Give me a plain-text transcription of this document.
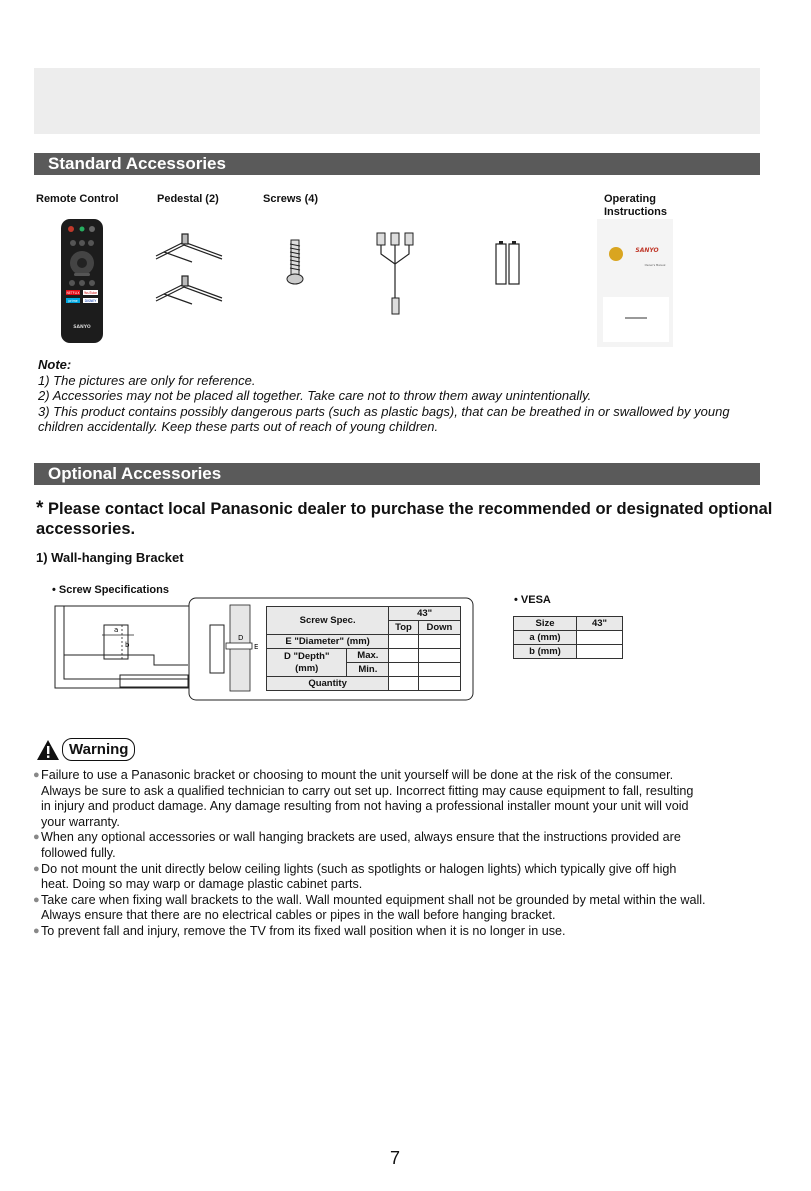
Standard Accessories
Remote Control	Pedestal (2)	Screws (4)	Operating
Instructions
NETFLIX YouTube
prime DISNEY
SANYO
SANYO
Owner's Manual
Note:
1) The pictures are only for reference.
2) Accessories may not be placed all together. Take care not to throw them away unintentionally.
3) This product contains possibly dangerous parts (such as plastic bags), that can be breathed in or swallowed by young children accidentally. Keep these parts out of reach of young children.
Optional Accessories
* Please contact local Panasonic dealer to purchase the recommended or designated optional accessories.
1) Wall-hanging Bracket
• Screw Specifications
• VESA
a
b
D
E
Screw Spec.		43"	
		Top	Down
E "Diameter" (mm)			

D "Depth"
(mm)	Max.		
	Min.		
Quantity			
Size	43"
a (mm)	
b (mm)	
Warning
● Failure to use a Panasonic bracket or choosing to mount the unit yourself will be done at the risk of the consumer.
Always be sure to ask a qualified technician to carry out set up. Incorrect fitting may cause equipment to fall, resulting
in injury and product damage. Any damage resulting from not having a professional installer mount your unit will void
your warranty.
● When any optional accessories or wall hanging brackets are used, always ensure that the instructions provided are
followed fully.
● Do not mount the unit directly below ceiling lights (such as spotlights or halogen lights) which typically give off high
heat. Doing so may warp or damage plastic cabinet parts.
● Take care when fixing wall brackets to the wall. Wall mounted equipment shall not be grounded by metal within the wall.
Always ensure that there are no electrical cables or pipes in the wall before hanging bracket.
● To prevent fall and injury, remove the TV from its fixed wall position when it is no longer in use.
7
